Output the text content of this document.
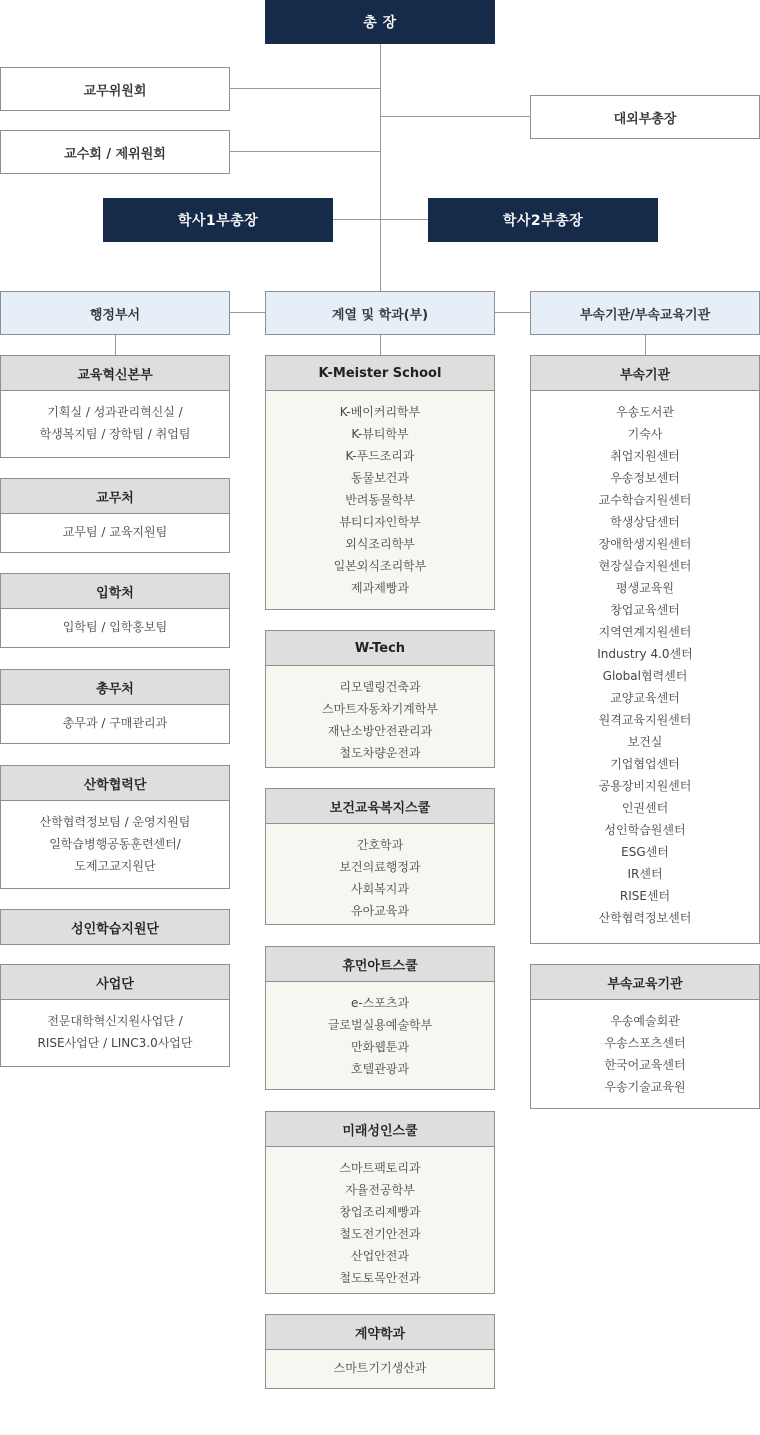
총 장
교무위원회
교수회 / 제위원회
대외부총장
학사1부총장	학사2부총장
행정부서	계열 및 학과(부)	부속기관/부속교육기관
교육혁신본부
기획실 / 성과관리혁신실 /
학생복지팀 / 장학팀 / 취업팀
교무처
교무팀 / 교육지원팀
입학처
입학팀 / 입학홍보팀
총무처
총무과 / 구매관리과
산학협력단
산학협력정보팀 / 운영지원팀
일학습병행공동훈련센터/
도제고교지원단
성인학습지원단
사업단
전문대학혁신지원사업단 /
RISE사업단 / LINC3.0사업단
K-Meister School
K-베이커리학부
K-뷰티학부
K-푸드조리과
동물보건과
반려동물학부
뷰티디자인학부
외식조리학부
일본외식조리학부
제과제빵과
W-Tech
리모델링건축과
스마트자동차기계학부
재난소방안전관리과
철도차량운전과
보건교육복지스쿨
간호학과
보건의료행정과
사회복지과
유아교육과
휴먼아트스쿨
e-스포츠과
글로벌실용예술학부
만화웹툰과
호텔관광과
미래성인스쿨
스마트팩토리과
자율전공학부
창업조리제빵과
철도전기안전과
산업안전과
철도토목안전과
계약학과
스마트기기생산과
부속기관
우송도서관
기숙사
취업지원센터
우송정보센터
교수학습지원센터
학생상담센터
장애학생지원센터
현장실습지원센터
평생교육원
창업교육센터
지역연계지원센터
Industry 4.0센터
Global협력센터
교양교육센터
원격교육지원센터
보건실
기업협업센터
공용장비지원센터
인권센터
성인학습원센터
ESG센터
IR센터
RISE센터
산학협력정보센터
부속교육기관
우송예술회관
우송스포츠센터
한국어교육센터
우송기술교육원
